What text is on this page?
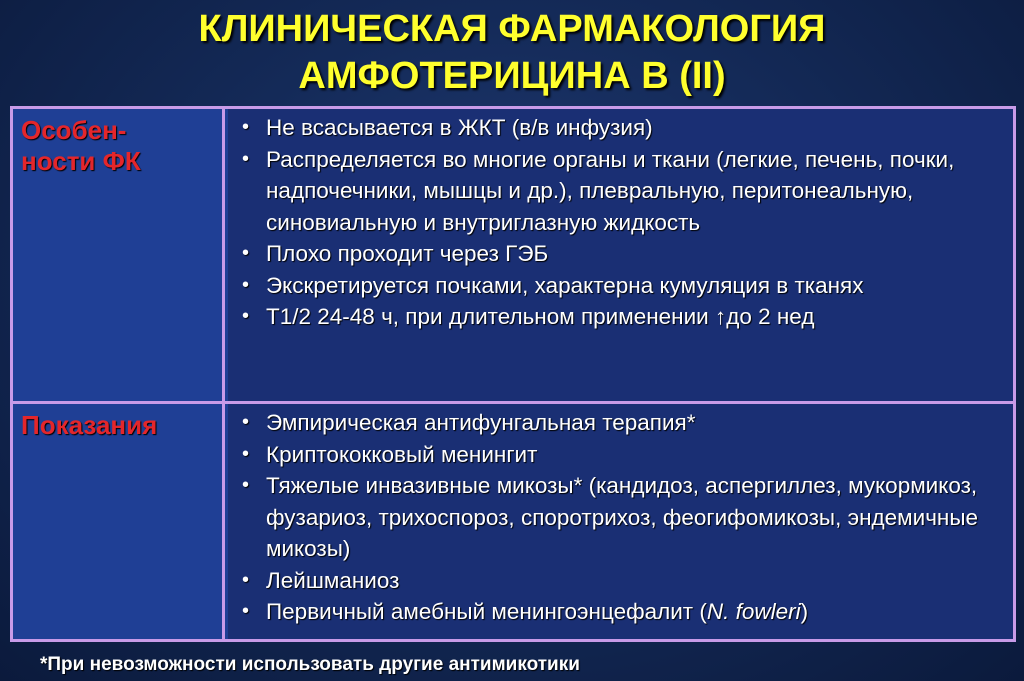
КЛИНИЧЕСКАЯ ФАРМАКОЛОГИЯ
АМФОТЕРИЦИНА В (II)
Особен-
ности ФК
• Не всасывается в ЖКТ (в/в инфузия)
• Распределяется во многие органы и ткани (легкие, печень, почки, надпочечники, мышцы и др.), плевральную, перитонеальную, синовиальную и внутриглазную жидкость
• Плохо проходит через ГЭБ
• Экскретируется почками, характерна кумуляция в тканях
• Т1/2 24-48 ч, при длительном применении ↑до 2 нед
Показания	• Эмпирическая антифунгальная терапия*
• Криптококковый менингит
• Тяжелые инвазивные микозы* (кандидоз, аспергиллез, мукормикоз, фузариоз, трихоспороз, споротрихоз, феогифомикозы, эндемичные микозы)
• Лейшманиоз
• Первичный амебный менингоэнцефалит (N. fowleri)
*При невозможности использовать другие антимикотики
